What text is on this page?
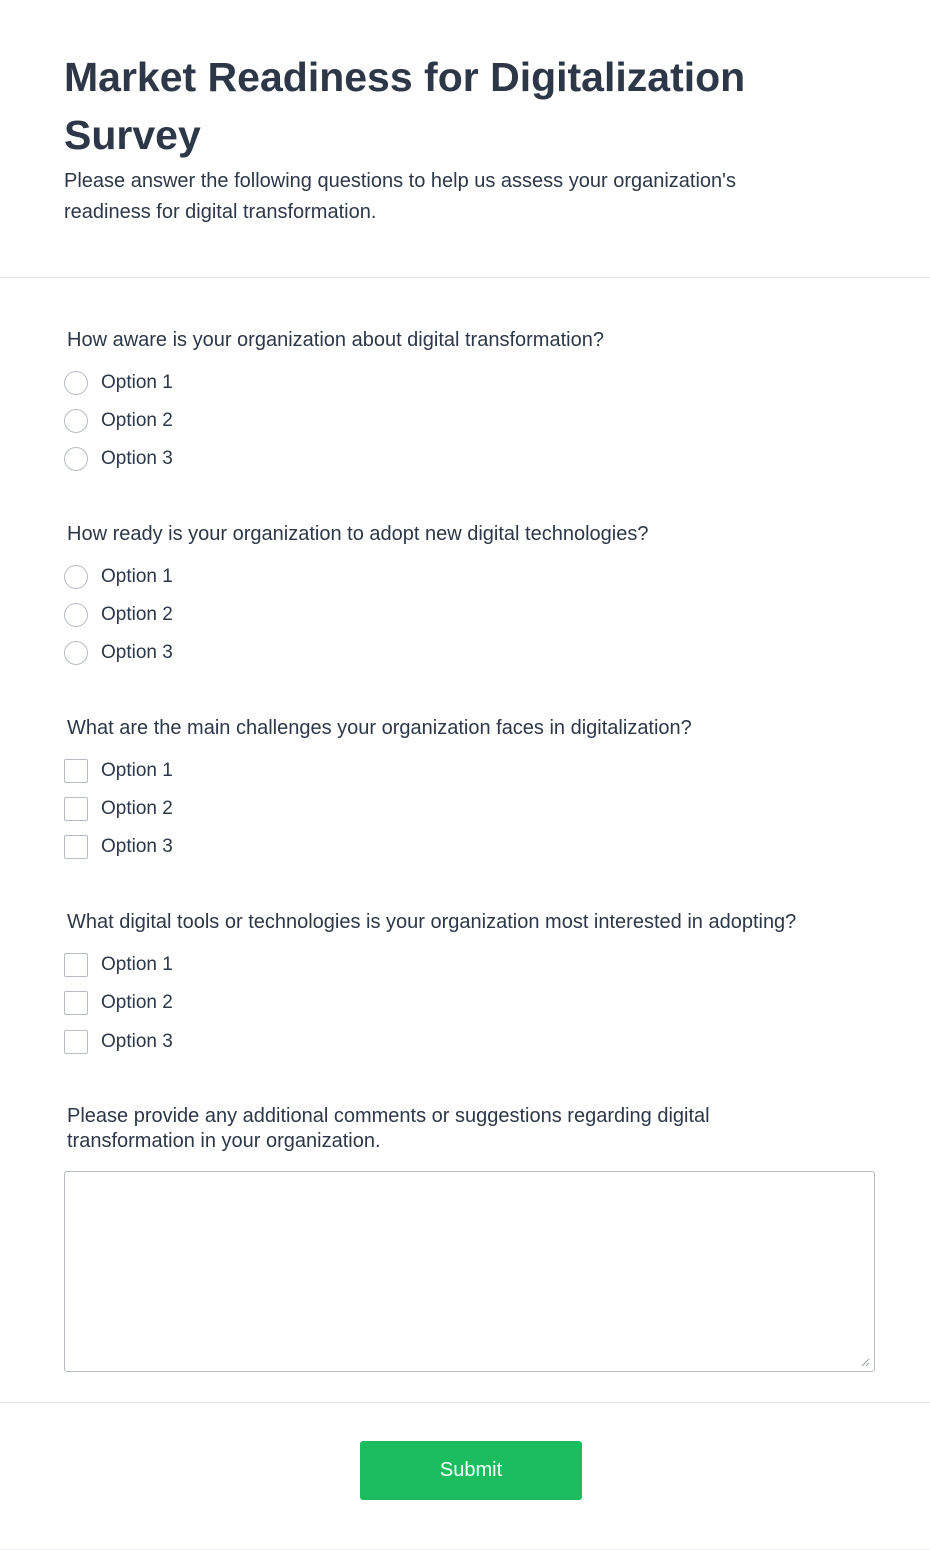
Market Readiness for Digitalization Survey

Please answer the following questions to help us assess your organization's readiness for digital transformation.

How aware is your organization about digital transformation?
Option 1
Option 2
Option 3
How ready is your organization to adopt new digital technologies?
Option 1
Option 2
Option 3
What are the main challenges your organization faces in digitalization?
Option 1
Option 2
Option 3
What digital tools or technologies is your organization most interested in adopting?
Option 1
Option 2
Option 3
Please provide any additional comments or suggestions regarding digital transformation in your organization.
Submit
